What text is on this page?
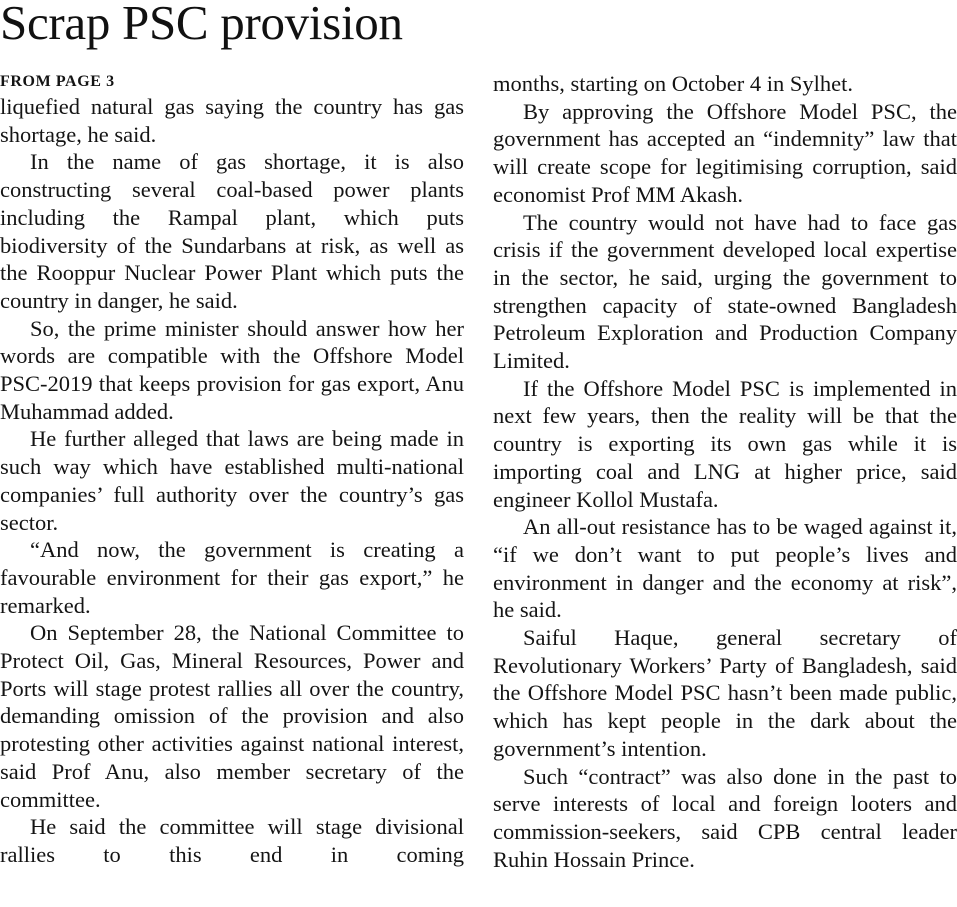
Scrap PSC provision
FROM PAGE 3

liquefied natural gas saying the country has gas shortage, he said.

In the name of gas shortage, it is also constructing several coal-based power plants including the Rampal plant, which puts biodiversity of the Sundarbans at risk, as well as the Rooppur Nuclear Power Plant which puts the country in danger, he said.

So, the prime minister should answer how her words are compatible with the Offshore Model PSC-2019 that keeps provision for gas export, Anu Muhammad added.

He further alleged that laws are being made in such way which have established multi-national companies’ full authority over the country’s gas sector.

“And now, the government is creating a favourable environment for their gas export,” he remarked.

On September 28, the National Committee to Protect Oil, Gas, Mineral Resources, Power and Ports will stage protest rallies all over the country, demanding omission of the provision and also protesting other activities against national interest, said Prof Anu, also member secretary of the committee.

He said the committee will stage divisional rallies to this end in coming

months, starting on October 4 in Sylhet.

By approving the Offshore Model PSC, the government has accepted an “indemnity” law that will create scope for legitimising corruption, said economist Prof MM Akash.

The country would not have had to face gas crisis if the government developed local expertise in the sector, he said, urging the government to strengthen capacity of state-owned Bangladesh Petroleum Exploration and Production Company Limited.

If the Offshore Model PSC is implemented in next few years, then the reality will be that the country is exporting its own gas while it is importing coal and LNG at higher price, said engineer Kollol Mustafa.

An all-out resistance has to be waged against it, “if we don’t want to put people’s lives and environment in danger and the economy at risk”, he said.

Saiful Haque, general secretary of Revolutionary Workers’ Party of Bangladesh, said the Offshore Model PSC hasn’t been made public, which has kept people in the dark about the government’s intention.

Such “contract” was also done in the past to serve interests of local and foreign looters and commission-seekers, said CPB central leader Ruhin Hossain Prince.
